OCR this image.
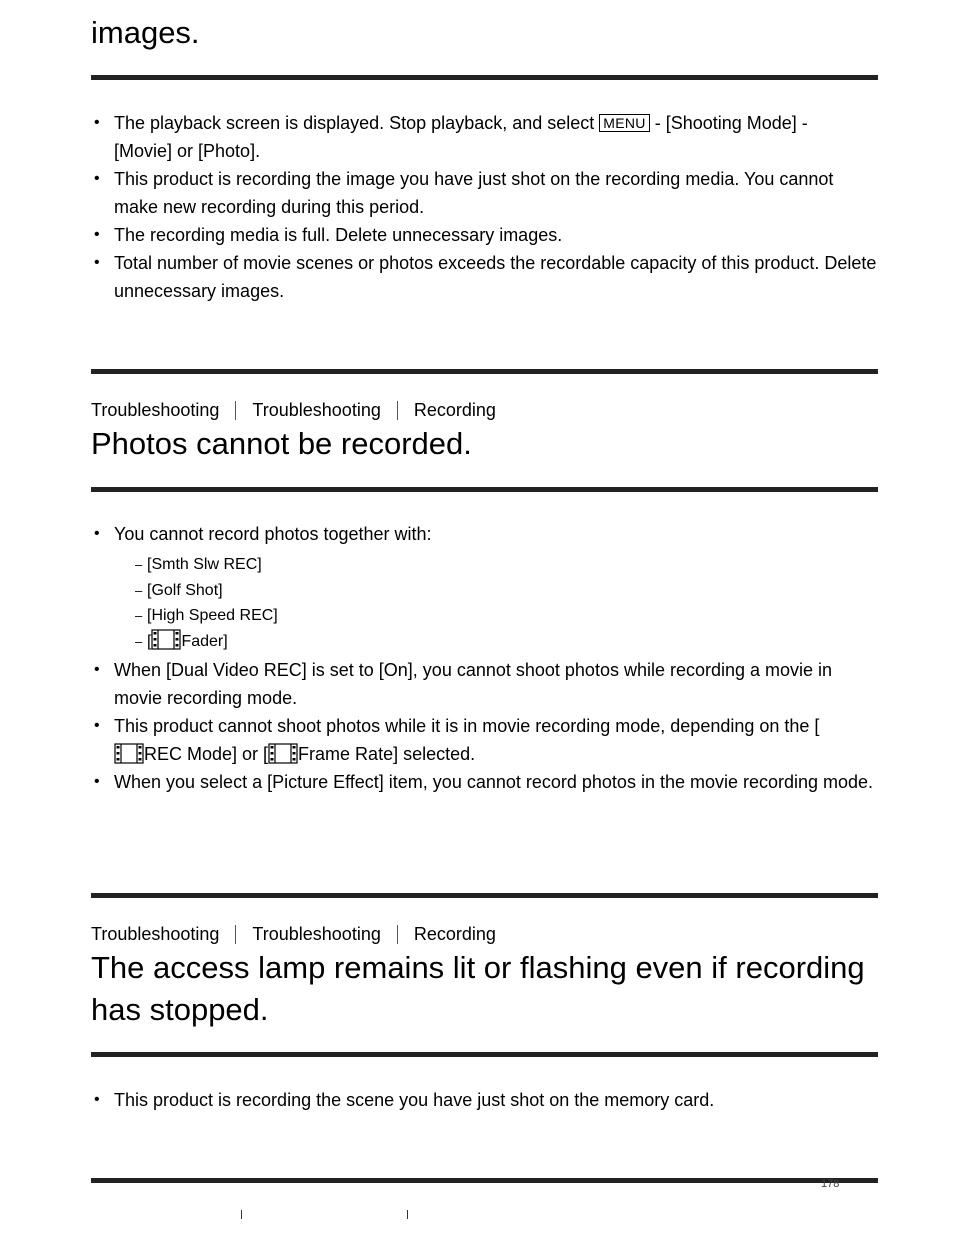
images.
• The playback screen is displayed. Stop playback, and select MENU - [Shooting Mode] -
[Movie] or [Photo].
• This product is recording the image you have just shot on the recording media. You cannot make new recording during this period.
• The recording media is full. Delete unnecessary images.
• Total number of movie scenes or photos exceeds the recordable capacity of this product. Delete unnecessary images.
Troubleshooting Troubleshooting Recording
Photos cannot be recorded.
• You cannot record photos together with:
– [Smth Slw REC]
– [Golf Shot]
– [High Speed REC]
– [ Fader]
• When [Dual Video REC] is set to [On], you cannot shoot photos while recording a movie in movie recording mode.
• This product cannot shoot photos while it is in movie recording mode, depending on the [

REC Mode] or [ Frame Rate] selected.
• When you select a [Picture Effect] item, you cannot record photos in the movie recording mode.
Troubleshooting Troubleshooting Recording
The access lamp remains lit or flashing even if recording has stopped.
• This product is recording the scene you have just shot on the memory card.
178
